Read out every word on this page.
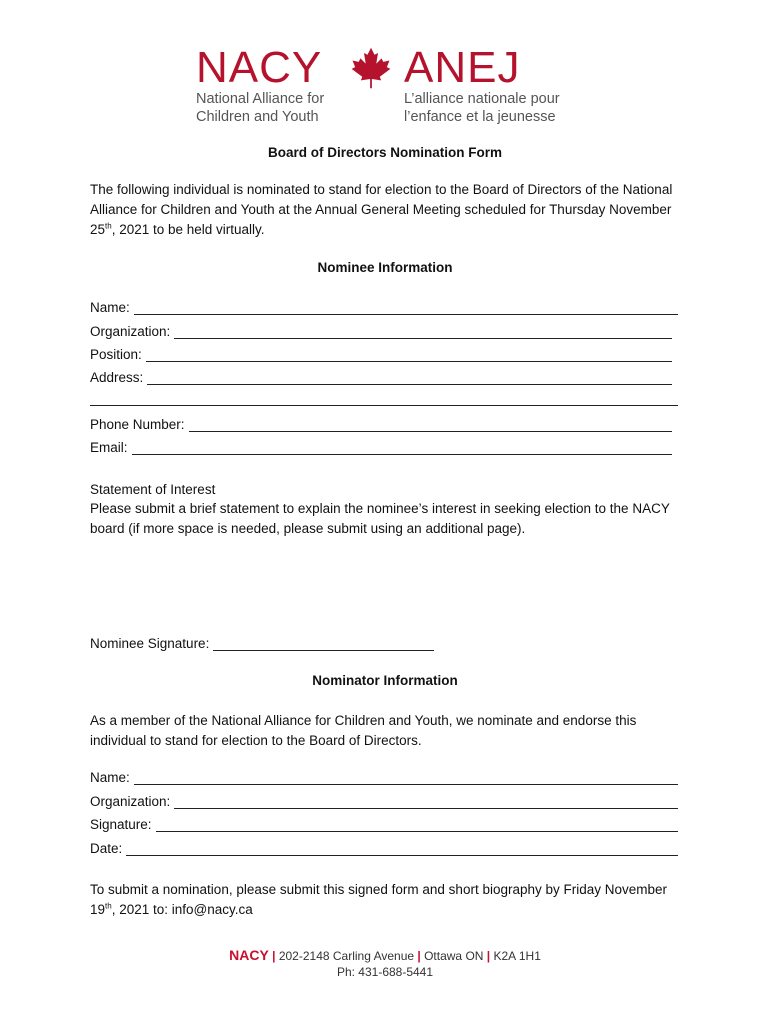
NACY ANEJ
National Alliance for
Children and Youth
L’alliance nationale pour
l’enfance et la jeunesse
Board of Directors Nomination Form
The following individual is nominated to stand for election to the Board of Directors of the National Alliance for Children and Youth at the Annual General Meeting scheduled for Thursday November 25th, 2021 to be held virtually.
Nominee Information
Name:
Organization:
Position:
Address:
Phone Number:
Email:
Statement of Interest
Please submit a brief statement to explain the nominee’s interest in seeking election to the NACY board (if more space is needed, please submit using an additional page).
Nominee Signature:
Nominator Information
As a member of the National Alliance for Children and Youth, we nominate and endorse this individual to stand for election to the Board of Directors.
Name:
Organization:
Signature:
Date:
To submit a nomination, please submit this signed form and short biography by Friday November 19th, 2021 to: info@nacy.ca
NACY | 202-2148 Carling Avenue | Ottawa ON | K2A 1H1
Ph: 431-688-5441
